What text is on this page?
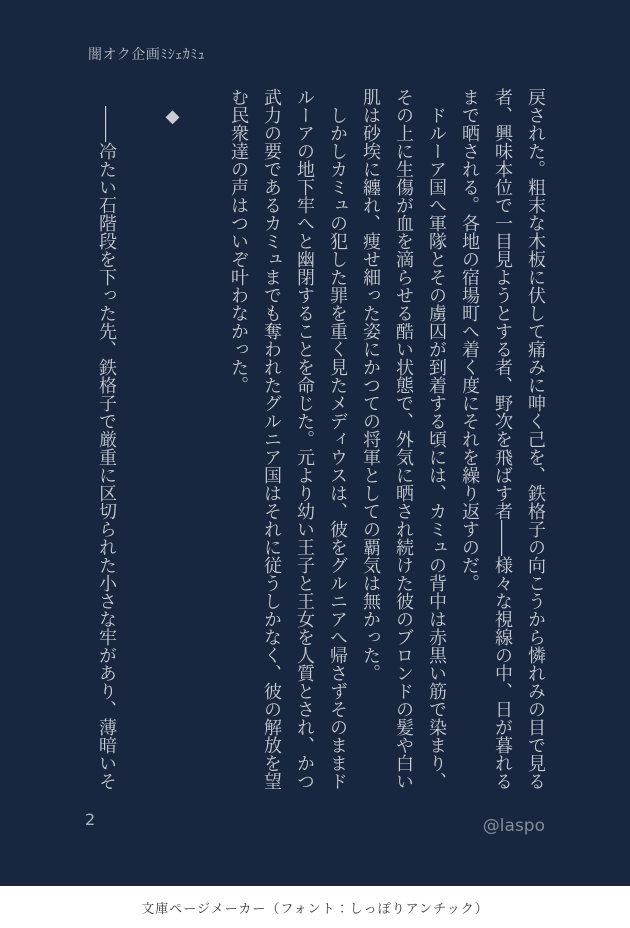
闇オク企画ﾐｼｪｶﾐｭ

戻された。粗末な木板に伏して痛みに呻く己を、鉄格子の向こうから憐れみの目で見る者、興味本位で一目見ようとする者、野次を飛ばす者――様々な視線の中、日が暮れるまで晒される。各地の宿場町へ着く度にそれを繰り返すのだ。

　ドルーア国へ軍隊とその虜囚が到着する頃には、カミュの背中は赤黒い筋で染まり、その上に生傷が血を滴らせる酷い状態で、外気に晒され続けた彼のブロンドの髪や白い肌は砂埃に纏れ、痩せ細った姿にかつての将軍としての覇気は無かった。

　しかしカミュの犯した罪を重く見たメディウスは、彼をグルニアへ帰さずそのままドルーアの地下牢へと幽閉することを命じた。元より幼い王子と王女を人質とされ、かつ武力の要であるカミュまでも奪われたグルニア国はそれに従うしかなく、彼の解放を望む民衆達の声はついぞ叶わなかった。

　◆

　――冷たい石階段を下った先、鉄格子で厳重に区切られた小さな牢があり、薄暗いそ

2	@laspo
文庫ページメーカー（フォント：しっぽりアンチック）
